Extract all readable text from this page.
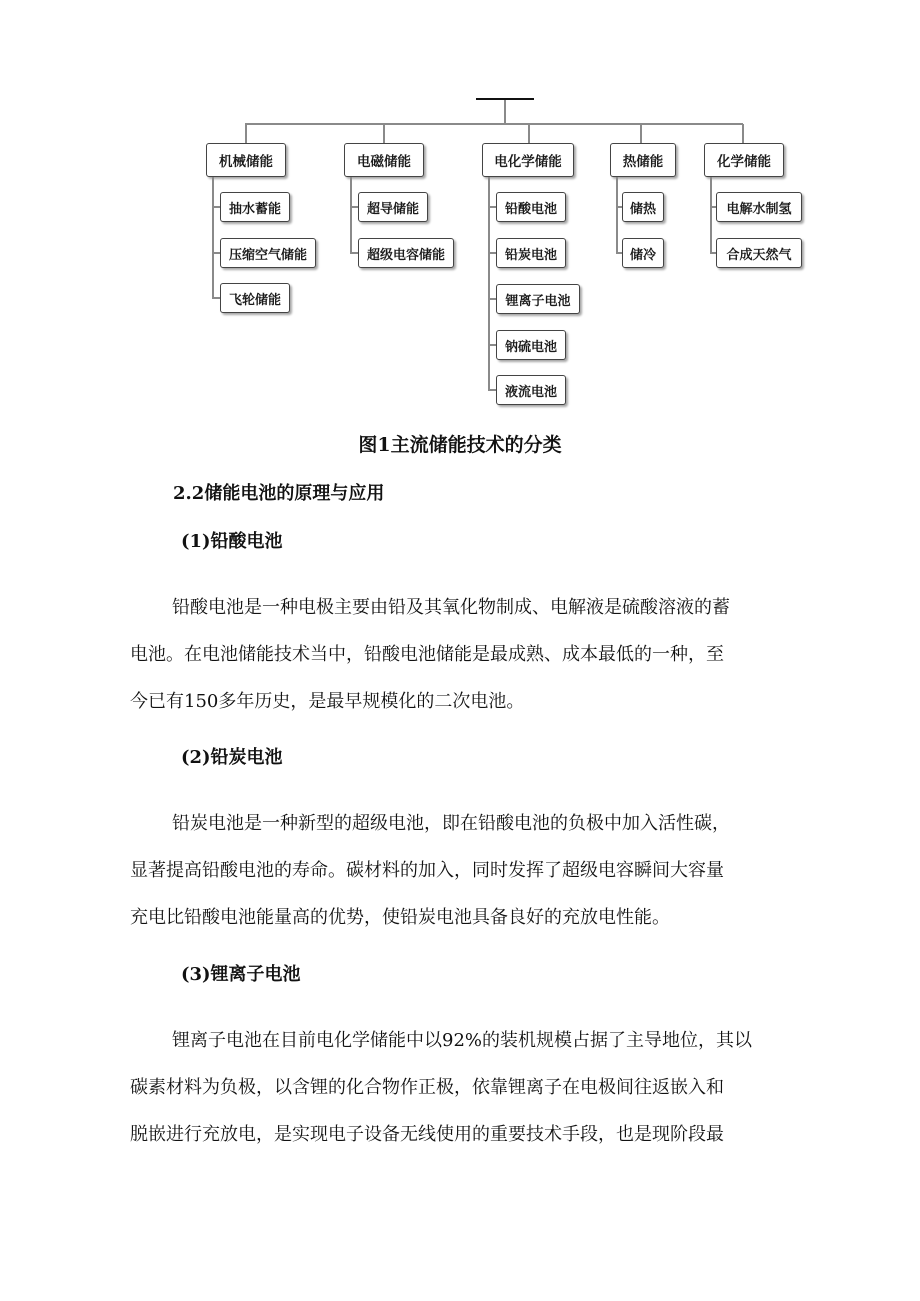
机械储能
抽水蓄能
压缩空气储能
飞轮储能
电磁储能
超导储能
超级电容储能
电化学储能
铅酸电池
铅炭电池
锂离子电池
钠硫电池
液流电池
热储能
储热
储冷
化学储能
电解水制氢
合成天然气
图1主流储能技术的分类
2.2储能电池的原理与应用
(1)铅酸电池

铅酸电池是一种电极主要由铅及其氧化物制成、电解液是硫酸溶液的蓄
电池。在电池储能技术当中，铅酸电池储能是最成熟、成本最低的一种，至
今已有150多年历史，是最早规模化的二次电池。

(2)铅炭电池

铅炭电池是一种新型的超级电池，即在铅酸电池的负极中加入活性碳，
显著提高铅酸电池的寿命。碳材料的加入，同时发挥了超级电容瞬间大容量
充电比铅酸电池能量高的优势，使铅炭电池具备良好的充放电性能。

(3)锂离子电池

锂离子电池在目前电化学储能中以92%的装机规模占据了主导地位，其以
碳素材料为负极，以含锂的化合物作正极，依靠锂离子在电极间往返嵌入和
脱嵌进行充放电，是实现电子设备无线使用的重要技术手段，也是现阶段最
